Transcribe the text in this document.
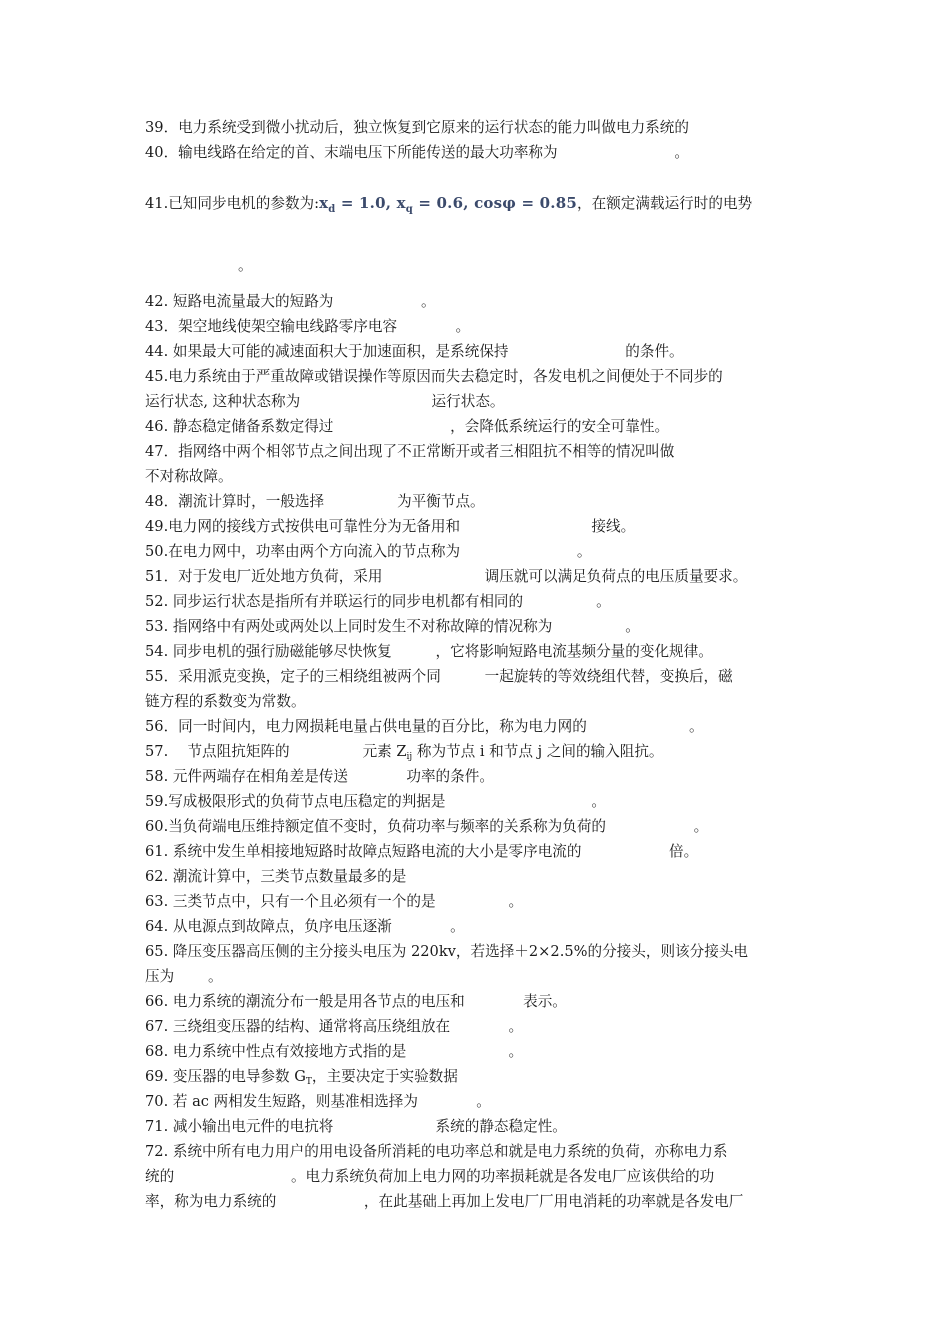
39．电力系统受到微小扰动后，独立恢复到它原来的运行状态的能力叫做电力系统的
40．输电线路在给定的首、末端电压下所能传送的最大功率称为　　　　　　　　。
41.已知同步电机的参数为$:x_d = 1.0$, $x_q = 0.6$, cosφ = 0.85，在额定满载运行时的电势
。
42. 短路电流量最大的短路为　　　　　　。
43．架空地线使架空输电线路零序电容　　　　。
44. 如果最大可能的减速面积大于加速面积，是系统保持　　　　　　　　的条件。
45.电力系统由于严重故障或错误操作等原因而失去稳定时，各发电机之间便处于不同步的
运行状态, 这种状态称为　　　　　　　　　运行状态。
46. 静态稳定储备系数定得过　　　　　　　　，会降低系统运行的安全可靠性。
47．指网络中两个相邻节点之间出现了不正常断开或者三相阻抗不相等的情况叫做
不对称故障。
48．潮流计算时，一般选择　　　　　为平衡节点。
49.电力网的接线方式按供电可靠性分为无备用和　　　　　　　　　接线。
50.在电力网中，功率由两个方向流入的节点称为　　　　　　　　。
51．对于发电厂近处地方负荷，采用　　　　　　　调压就可以满足负荷点的电压质量要求。
52. 同步运行状态是指所有并联运行的同步电机都有相同的　　　　　。
53. 指网络中有两处或两处以上同时发生不对称故障的情况称为　　　　　。
54. 同步电机的强行励磁能够尽快恢复　　　，它将影响短路电流基频分量的变化规律。
55．采用派克变换，定子的三相绕组被两个同　　　一起旋转的等效绕组代替，变换后，磁
链方程的系数变为常数。
56．同一时间内，电力网损耗电量占供电量的百分比，称为电力网的　　　　　　　。
57.　 节点阻抗矩阵的　　　　　元素 $Z_{ij}$ 称为节点 i 和节点 j 之间的输入阻抗。
58. 元件两端存在相角差是传送　　　　功率的条件。
59.写成极限形式的负荷节点电压稳定的判据是　　　　　　　　　　。
60.当负荷端电压维持额定值不变时，负荷功率与频率的关系称为负荷的　　　　　　。
61. 系统中发生单相接地短路时故障点短路电流的大小是零序电流的　　　　　　倍。
62. 潮流计算中，三类节点数量最多的是
63. 三类节点中，只有一个且必须有一个的是　　　　　。
64. 从电源点到故障点，负序电压逐渐　　　　。
65. 降压变压器高压侧的主分接头电压为 220kv，若选择＋2×2.5%的分接头，则该分接头电
压为　　 。
66. 电力系统的潮流分布一般是用各节点的电压和　　　　表示。
67. 三绕组变压器的结构、通常将高压绕组放在　　　　。
68. 电力系统中性点有效接地方式指的是　　　　　　　。
69. 变压器的电导参数 $G_T$，主要决定于实验数据
70. 若 ac 两相发生短路，则基准相选择为　　　　。
71. 减小输出电元件的电抗将　　　　　　　系统的静态稳定性。
72. 系统中所有电力用户的用电设备所消耗的电功率总和就是电力系统的负荷，亦称电力系
统的　　　　　　　　。电力系统负荷加上电力网的功率损耗就是各发电厂应该供给的功
率，称为电力系统的　　　　　　，在此基础上再加上发电厂厂用电消耗的功率就是各发电厂
